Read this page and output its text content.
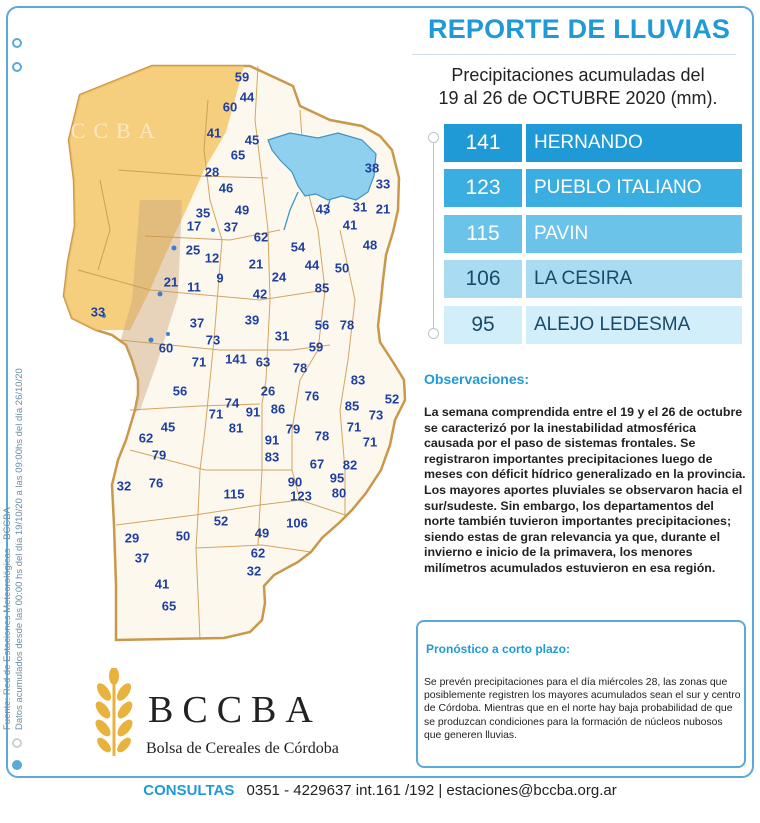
Fuente: Red de Estaciones Meteorológicas - BCCBA Datos acumulados desde las 00:00 hs del día 19/10/20 a las 09:00hs del día 26/10/20
BCCBA
59
44
60
41 45
65
28
46
38
33
35 49
17 37
43 31 21
41
62
48
25
12
54
21	44 50
21 11
9	24
42	85
33
37	39
31
56 78
73	59
60
71 141 63 78
83
56	26
52
74
91 86
76
85
73
45
71
81
91
79 78
71
71
62
79	83 67 82
32 76	90 95
115	123 80
52	106
29	50	49
37	62
32
41
65
REPORTE DE LLUVIAS
Precipitaciones acumuladas del
19 al 26 de OCTUBRE 2020 (mm).
141	HERNANDO
123	PUEBLO ITALIANO
115	PAVIN
106	LA CESIRA
95	ALEJO LEDESMA
Observaciones:
La semana comprendida entre el 19 y el 26 de octubre se caracterizó por la inestabilidad atmosférica causada por el paso de sistemas frontales. Se registraron importantes precipitaciones luego de meses con déficit hídrico generalizado en la provincia. Los mayores aportes pluviales se observaron hacia el sur/sudeste. Sin embargo, los departamentos del norte también tuvieron importantes precipitaciones; siendo estas de gran relevancia ya que, durante el invierno e inicio de la primavera, los menores milímetros acumulados estuvieron en esa región.
Pronóstico a corto plazo:
Se prevén precipitaciones para el día miércoles 28, las zonas que posiblemente registren los mayores acumulados sean el sur y centro de Córdoba. Mientras que en el norte hay baja probabilidad de que se produzcan condiciones para la formación de núcleos nubosos que generen lluvias.
BCCBA
Bolsa de Cereales de Córdoba
CONSULTAS 0351 - 4229637 int.161 /192 | estaciones@bccba.org.ar
